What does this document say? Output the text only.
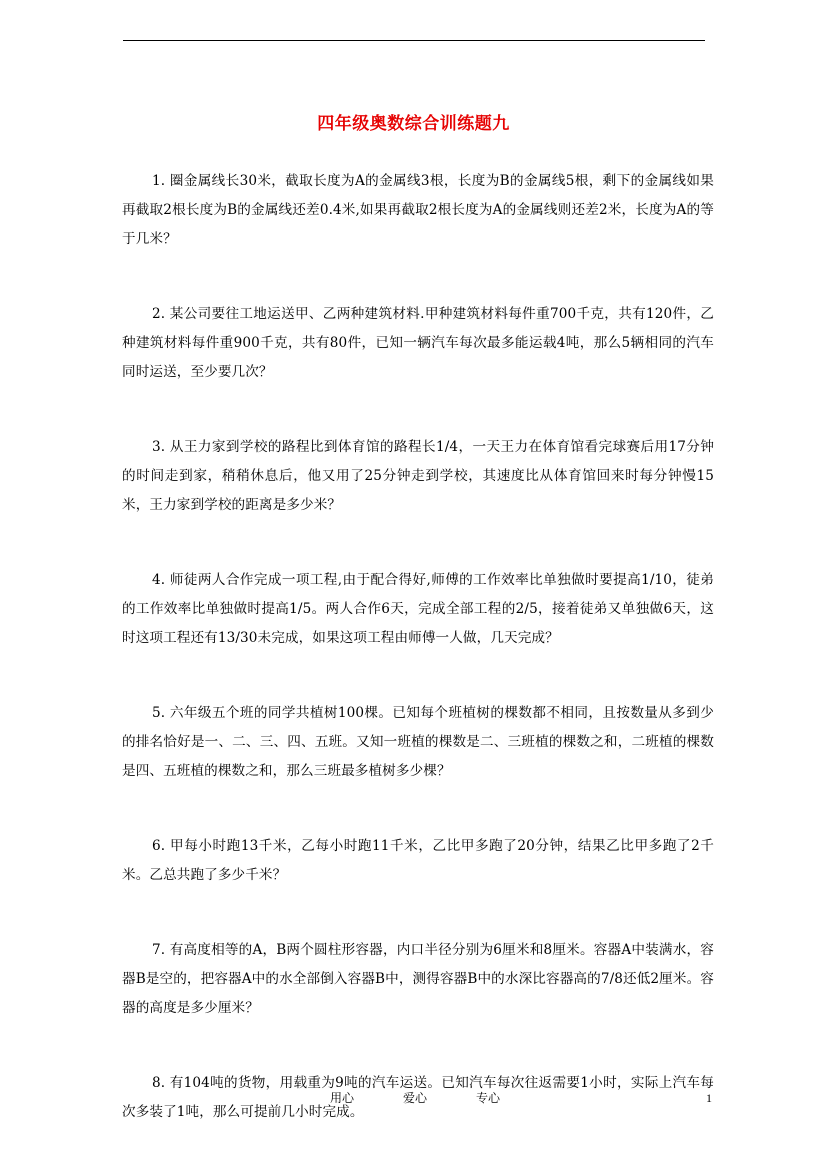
四年级奥数综合训练题九

1. 圈金属线长30米，截取长度为A的金属线3根，长度为B的金属线5根，剩下的金属线如果再截取2根长度为B的金属线还差0.4米,如果再截取2根长度为A的金属线则还差2米，长度为A的等于几米？

2. 某公司要往工地运送甲、乙两种建筑材料.甲种建筑材料每件重700千克，共有120件，乙种建筑材料每件重900千克，共有80件，已知一辆汽车每次最多能运载4吨，那么5辆相同的汽车同时运送，至少要几次？

3. 从王力家到学校的路程比到体育馆的路程长1/4，一天王力在体育馆看完球赛后用17分钟的时间走到家，稍稍休息后，他又用了25分钟走到学校，其速度比从体育馆回来时每分钟慢15米，王力家到学校的距离是多少米？

4. 师徒两人合作完成一项工程,由于配合得好,师傅的工作效率比单独做时要提高1/10，徒弟的工作效率比单独做时提高1/5。两人合作6天，完成全部工程的2/5，接着徒弟又单独做6天，这时这项工程还有13/30未完成，如果这项工程由师傅一人做，几天完成？

5. 六年级五个班的同学共植树100棵。已知每个班植树的棵数都不相同，且按数量从多到少的排名恰好是一、二、三、四、五班。又知一班植的棵数是二、三班植的棵数之和，二班植的棵数是四、五班植的棵数之和，那么三班最多植树多少棵？

6. 甲每小时跑13千米，乙每小时跑11千米，乙比甲多跑了20分钟，结果乙比甲多跑了2千米。乙总共跑了多少千米？

7. 有高度相等的A，B两个圆柱形容器，内口半径分别为6厘米和8厘米。容器A中装满水，容器B是空的，把容器A中的水全部倒入容器B中，测得容器B中的水深比容器高的7/8还低2厘米。容器的高度是多少厘米？

8. 有104吨的货物，用载重为9吨的汽车运送。已知汽车每次往返需要1小时，实际上汽车每次多装了1吨，那么可提前几小时完成。

用心	爱心	专心	1
